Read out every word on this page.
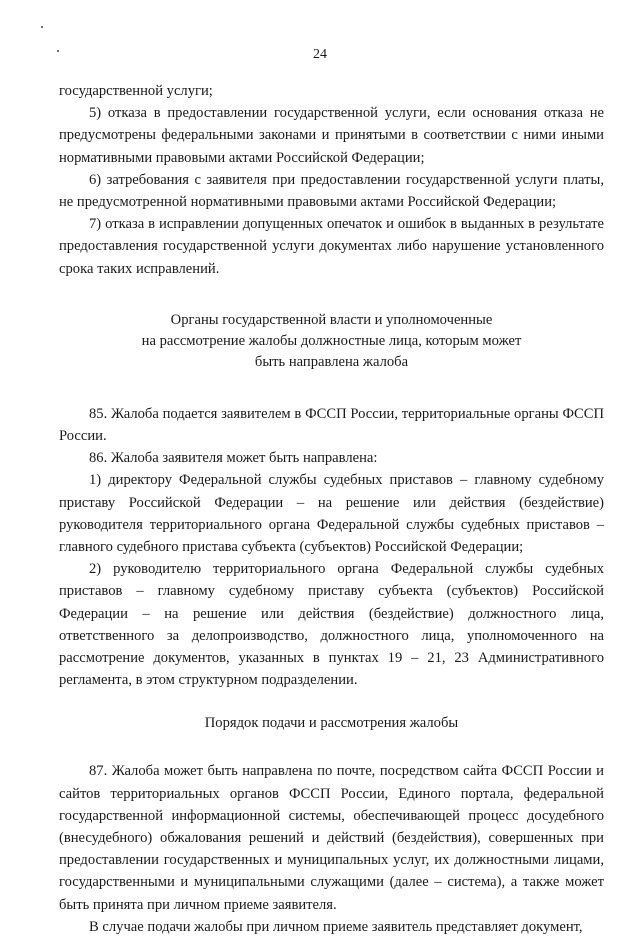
24

государственной услуги;

5) отказа в предоставлении государственной услуги, если основания отказа не предусмотрены федеральными законами и принятыми в соответствии с ними иными нормативными правовыми актами Российской Федерации;

6) затребования с заявителя при предоставлении государственной услуги платы, не предусмотренной нормативными правовыми актами Российской Федерации;

7) отказа в исправлении допущенных опечаток и ошибок в выданных в результате предоставления государственной услуги документах либо нарушение установленного срока таких исправлений.

Органы государственной власти и уполномоченные
на рассмотрение жалобы должностные лица, которым может
быть направлена жалоба

85. Жалоба подается заявителем в ФССП России, территориальные органы ФССП России.

86. Жалоба заявителя может быть направлена:

1) директору Федеральной службы судебных приставов – главному судебному приставу Российской Федерации – на решение или действия (бездействие) руководителя территориального органа Федеральной службы судебных приставов – главного судебного пристава субъекта (субъектов) Российской Федерации;

2) руководителю территориального органа Федеральной службы судебных приставов – главному судебному приставу субъекта (субъектов) Российской Федерации – на решение или действия (бездействие) должностного лица, ответственного за делопроизводство, должностного лица, уполномоченного на рассмотрение документов, указанных в пунктах 19 – 21, 23 Административного регламента, в этом структурном подразделении.

Порядок подачи и рассмотрения жалобы

87. Жалоба может быть направлена по почте, посредством сайта ФССП России и сайтов территориальных органов ФССП России, Единого портала, федеральной государственной информационной системы, обеспечивающей процесс досудебного (внесудебного) обжалования решений и действий (бездействия), совершенных при предоставлении государственных и муниципальных услуг, их должностными лицами, государственными и муниципальными служащими (далее – система), а также может быть принята при личном приеме заявителя.

В случае подачи жалобы при личном приеме заявитель представляет документ,
